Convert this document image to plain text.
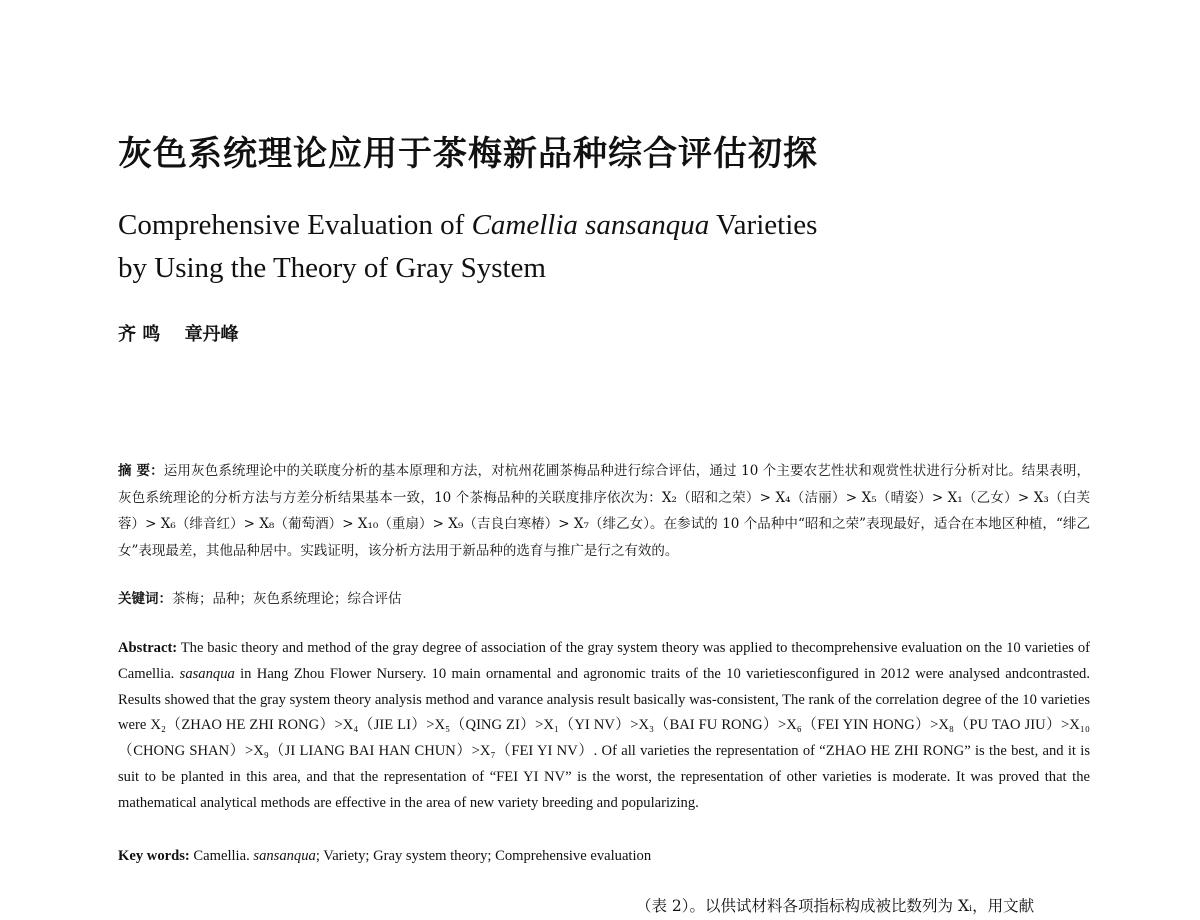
灰色系统理论应用于茶梅新品种综合评估初探
Comprehensive Evaluation of Camellia sansanqua Varieties
by Using the Theory of Gray System
齐 鸣 章丹峰
摘 要：运用灰色系统理论中的关联度分析的基本原理和方法，对杭州花圃茶梅品种进行综合评估，通过 10 个主要农艺性状和观赏性状进行分析对比。结果表明，灰色系统理论的分析方法与方差分析结果基本一致，10 个茶梅品种的关联度排序依次为：X₂（昭和之荣）> X₄（洁丽）> X₅（晴姿）> X₁（乙女）> X₃（白芙蓉）> X₆（绯音红）> X₈（葡萄酒）> X₁₀（重扇）> X₉（吉良白寒椿）> X₇（绯乙女）。在参试的 10 个品种中“昭和之荣”表现最好，适合在本地区种植，“绯乙女”表现最差，其他品种居中。实践证明，该分析方法用于新品种的选育与推广是行之有效的。
关键词：茶梅；品种；灰色系统理论；综合评估
Abstract: The basic theory and method of the gray degree of association of the gray system theory was applied to thecomprehensive evaluation on the 10 varieties of Camellia. sasanqua in Hang Zhou Flower Nursery. 10 main ornamental and agronomic traits of the 10 varietiesconfigured in 2012 were analysed andcontrasted. Results showed that the gray system theory analysis method and varance analysis result basically was-consistent, The rank of the correlation degree of the 10 varieties were X₂（ZHAO HE ZHI RONG）>X₄（JIE LI）>X₅（QING ZI）>X₁（YI NV）>X₃（BAI FU RONG）>X₆（FEI YIN HONG）>X₈（PU TAO JIU）>X₁₀（CHONG SHAN）>X₉（JI LIANG BAI HAN CHUN）>X₇（FEI YI NV）. Of all varieties the representation of “ZHAO HE ZHI RONG” is the best, and it is suit to be planted in this area, and that the representation of “FEI YI NV” is the worst, the representation of other varieties is moderate. It was proved that the mathematical analytical methods are effective in the area of new variety breeding and popularizing.
Key words: Camellia. sansanqua; Variety; Gray system theory; Comprehensive evaluation
（表 2）。以供试材料各项指标构成被比数列为 Xᵢ，用文献
